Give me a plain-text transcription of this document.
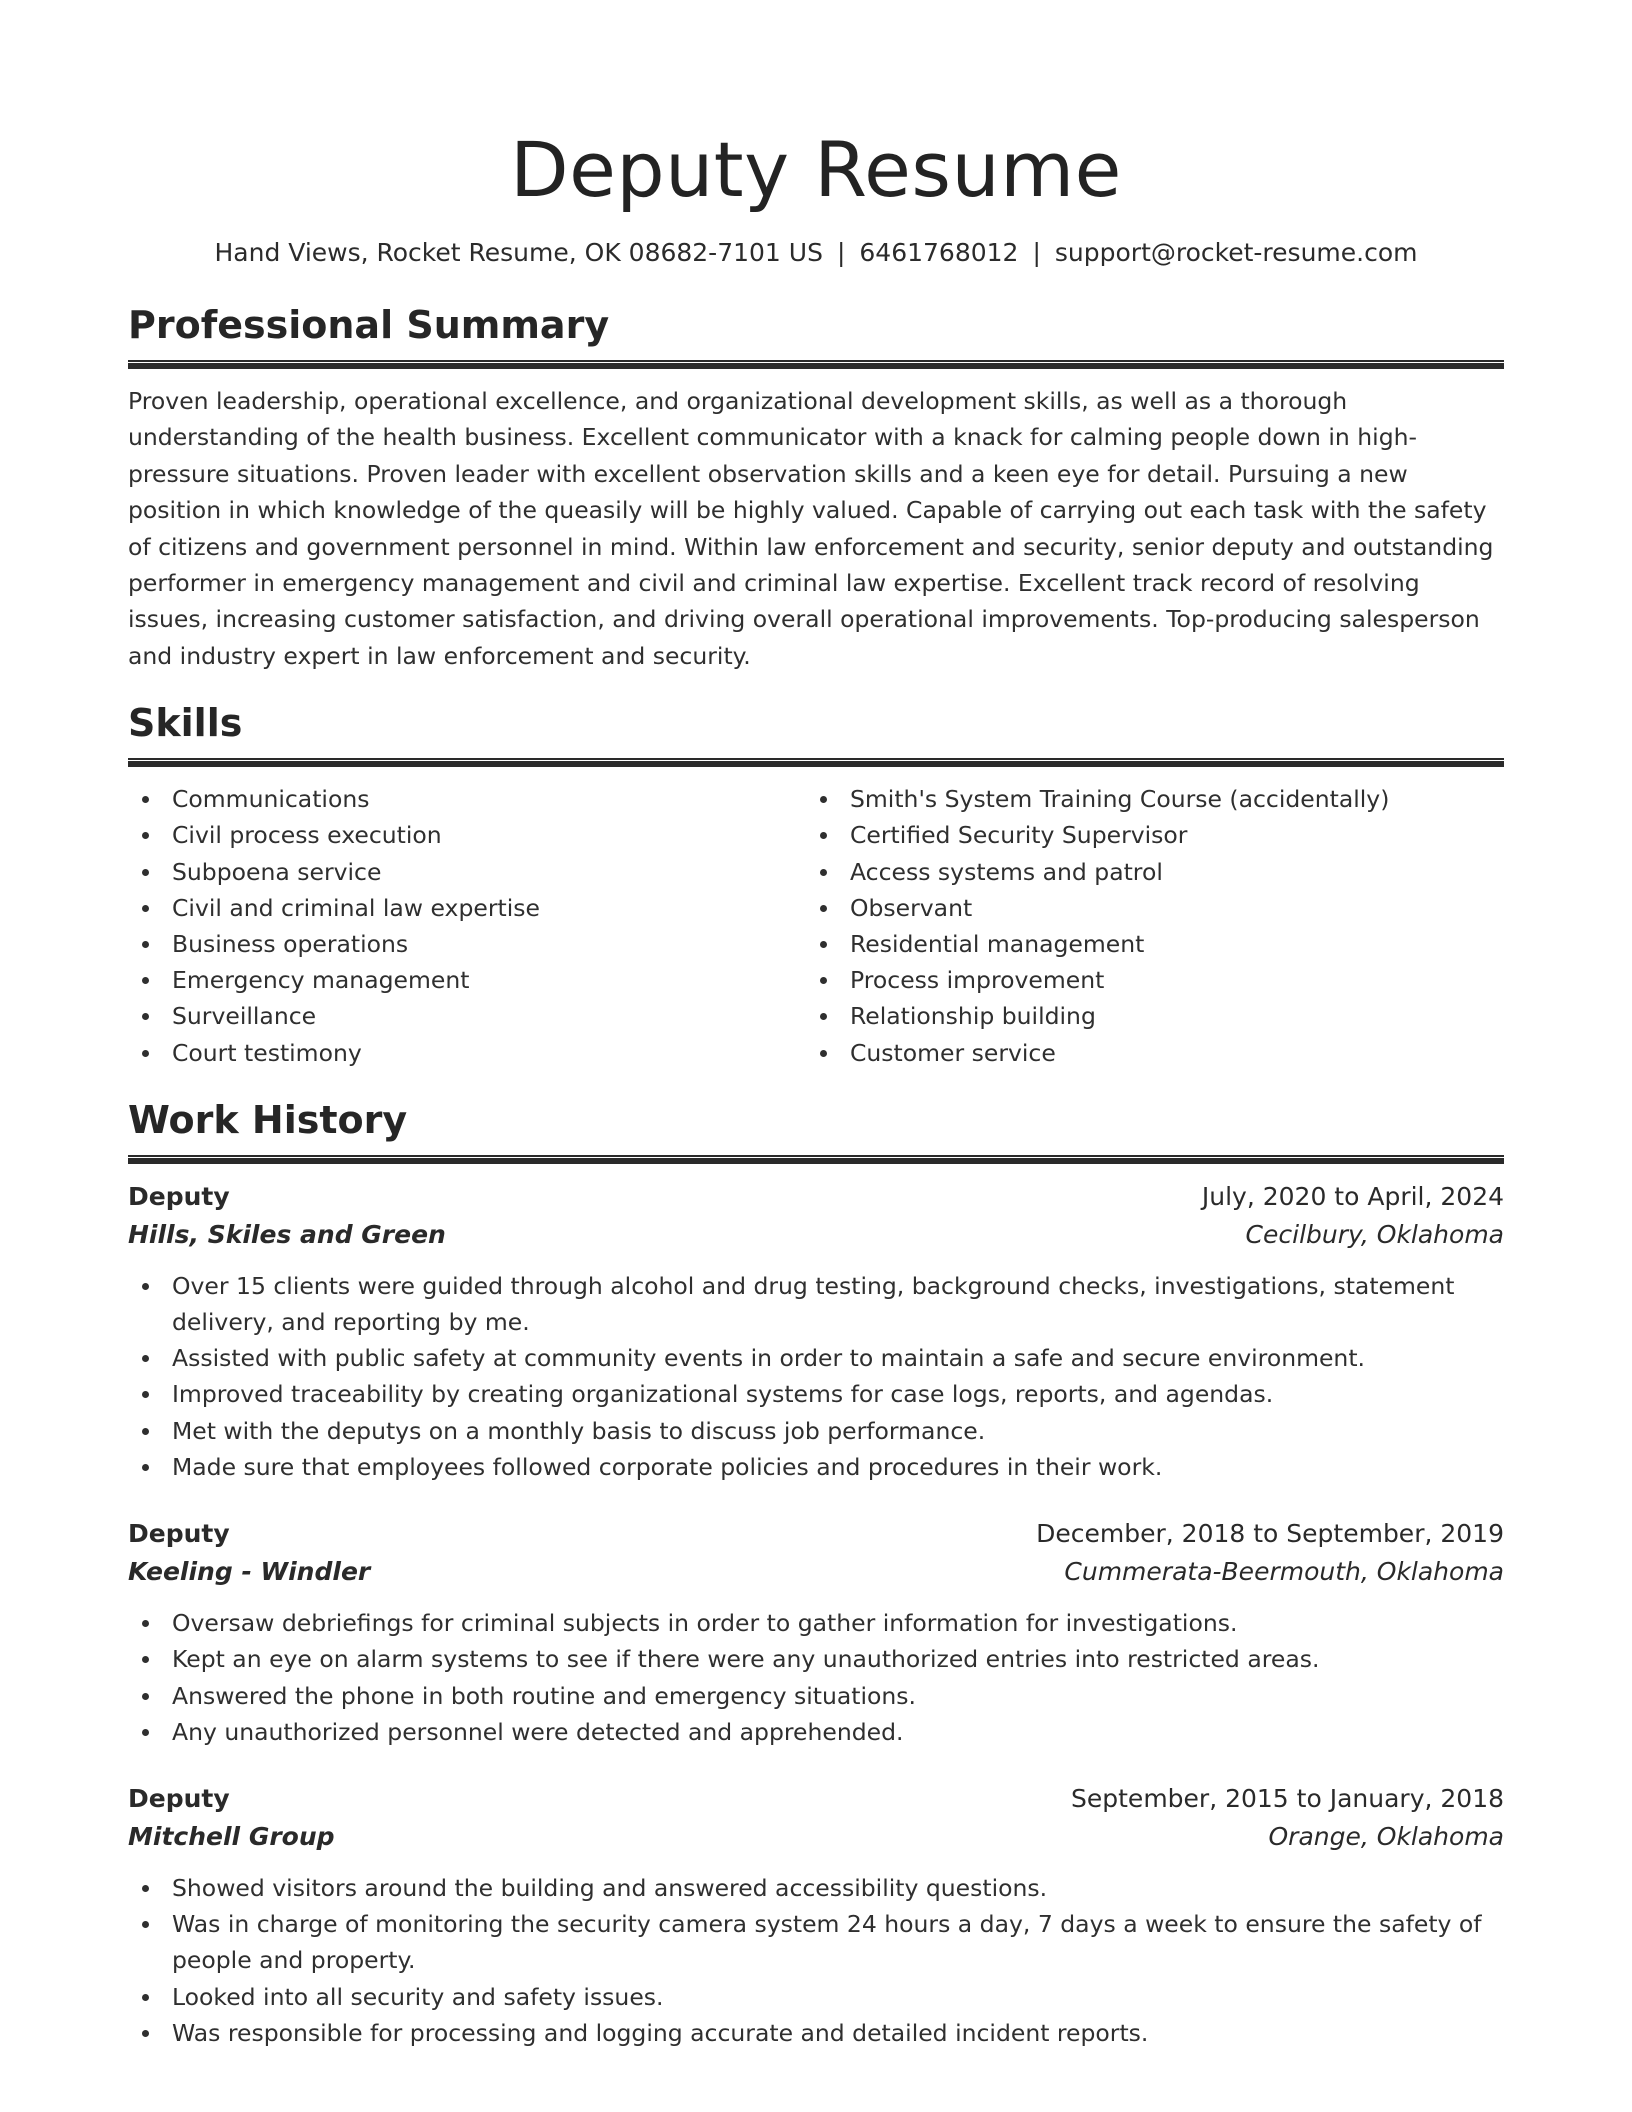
Deputy Resume
Hand Views, Rocket Resume, OK 08682-7101 US | 6461768012 | support@rocket-resume.com
Professional Summary

Proven leadership, operational excellence, and organizational development skills, as well as a thorough understanding of the health business. Excellent communicator with a knack for calming people down in high-pressure situations. Proven leader with excellent observation skills and a keen eye for detail. Pursuing a new position in which knowledge of the queasily will be highly valued. Capable of carrying out each task with the safety of citizens and government personnel in mind. Within law enforcement and security, senior deputy and outstanding performer in emergency management and civil and criminal law expertise. Excellent track record of resolving issues, increasing customer satisfaction, and driving overall operational improvements. Top-producing salesperson and industry expert in law enforcement and security.

Skills
Communications
Civil process execution
Subpoena service
Civil and criminal law expertise
Business operations
Emergency management
Surveillance
Court testimony
Smith's System Training Course (accidentally)
Certified Security Supervisor
Access systems and patrol
Observant
Residential management
Process improvement
Relationship building
Customer service
Work History
Deputy	July, 2020 to April, 2024
Hills, Skiles and Green	Cecilbury, Oklahoma
Over 15 clients were guided through alcohol and drug testing, background checks, investigations, statement delivery, and reporting by me.
Assisted with public safety at community events in order to maintain a safe and secure environment.
Improved traceability by creating organizational systems for case logs, reports, and agendas.
Met with the deputys on a monthly basis to discuss job performance.
Made sure that employees followed corporate policies and procedures in their work.
Deputy	December, 2018 to September, 2019
Keeling - Windler	Cummerata-Beermouth, Oklahoma
Oversaw debriefings for criminal subjects in order to gather information for investigations.
Kept an eye on alarm systems to see if there were any unauthorized entries into restricted areas.
Answered the phone in both routine and emergency situations.
Any unauthorized personnel were detected and apprehended.
Deputy	September, 2015 to January, 2018
Mitchell Group	Orange, Oklahoma
Showed visitors around the building and answered accessibility questions.
Was in charge of monitoring the security camera system 24 hours a day, 7 days a week to ensure the safety of people and property.
Looked into all security and safety issues.
Was responsible for processing and logging accurate and detailed incident reports.
